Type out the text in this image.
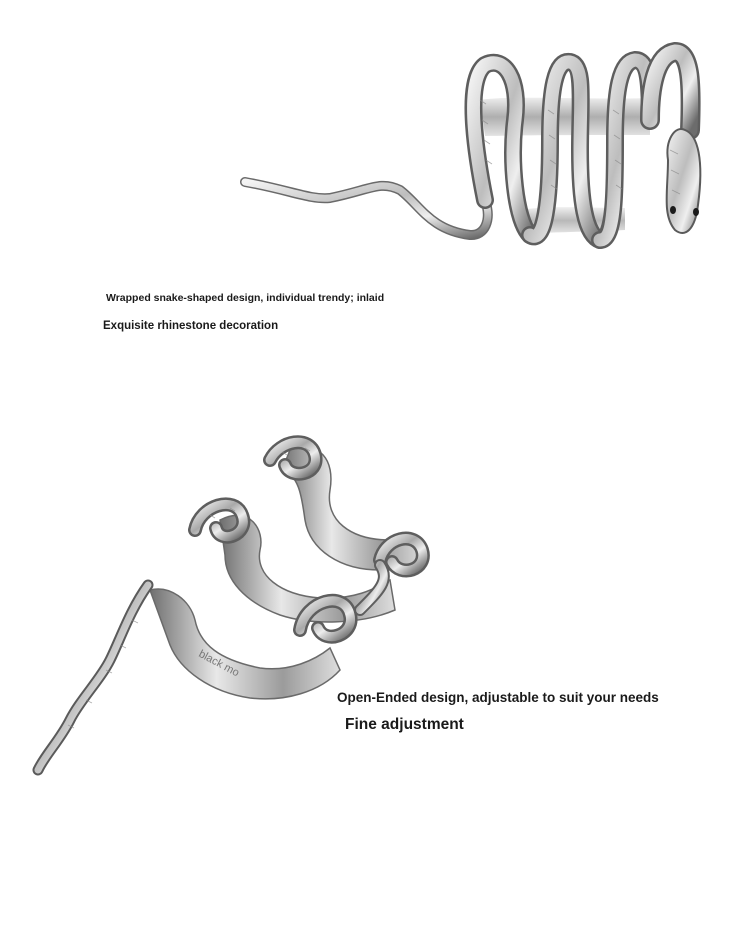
Wrapped snake-shaped design, individual trendy; inlaid
Exquisite rhinestone decoration
black mo
Open-Ended design, adjustable to suit your needs
Fine adjustment
